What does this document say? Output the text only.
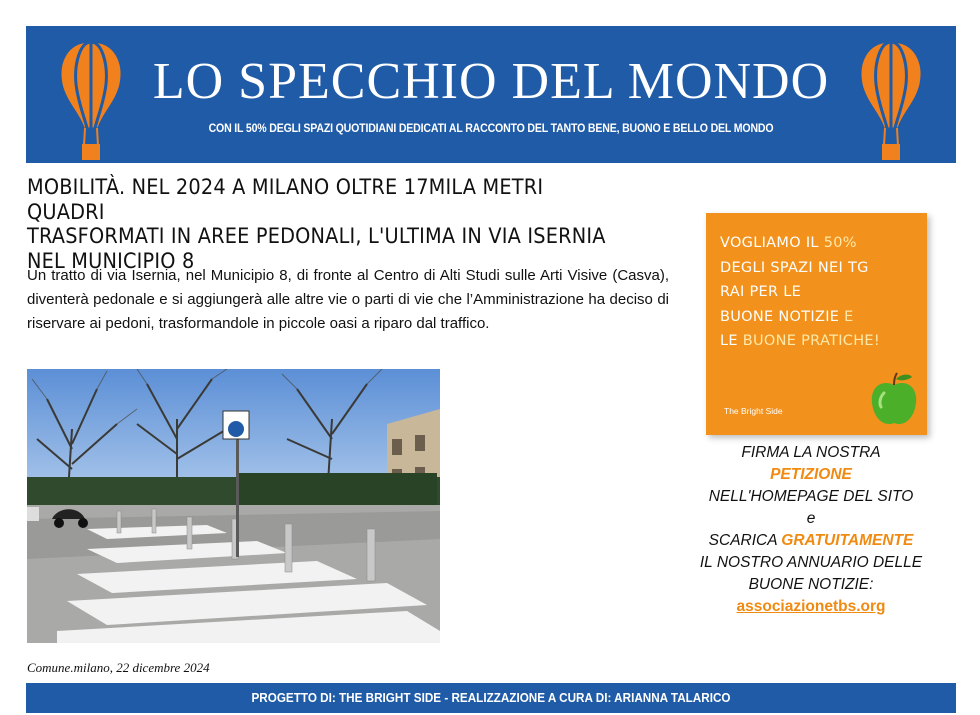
LO SPECCHIO DEL MONDO
CON IL 50% DEGLI SPAZI QUOTIDIANI DEDICATI AL RACCONTO DEL TANTO BENE, BUONO E BELLO DEL MONDO
MOBILITÀ. NEL 2024 A MILANO OLTRE 17MILA METRI QUADRI
TRASFORMATI IN AREE PEDONALI, L'ULTIMA IN VIA ISERNIA
NEL MUNICIPIO 8
Un tratto di via Isernia, nel Municipio 8, di fronte al Centro di Alti Studi sulle Arti Visive (Casva), diventerà pedonale e si aggiungerà alle altre vie o parti di vie che l’Amministrazione ha deciso di riservare ai pedoni, trasformandole in piccole oasi a riparo dal traffico.
Comune.milano, 22 dicembre 2024
VOGLIAMO IL 50%
DEGLI SPAZI NEI TG
RAI PER LE
BUONE NOTIZIE E
LE BUONE PRATICHE!
The Bright Side
FIRMA LA NOSTRA
PETIZIONE
NELL'HOMEPAGE DEL SITO
e
SCARICA GRATUITAMENTE
IL NOSTRO ANNUARIO DELLE
BUONE NOTIZIE:
associazionetbs.org
PROGETTO DI: THE BRIGHT SIDE - REALIZZAZIONE A CURA DI: ARIANNA TALARICO
